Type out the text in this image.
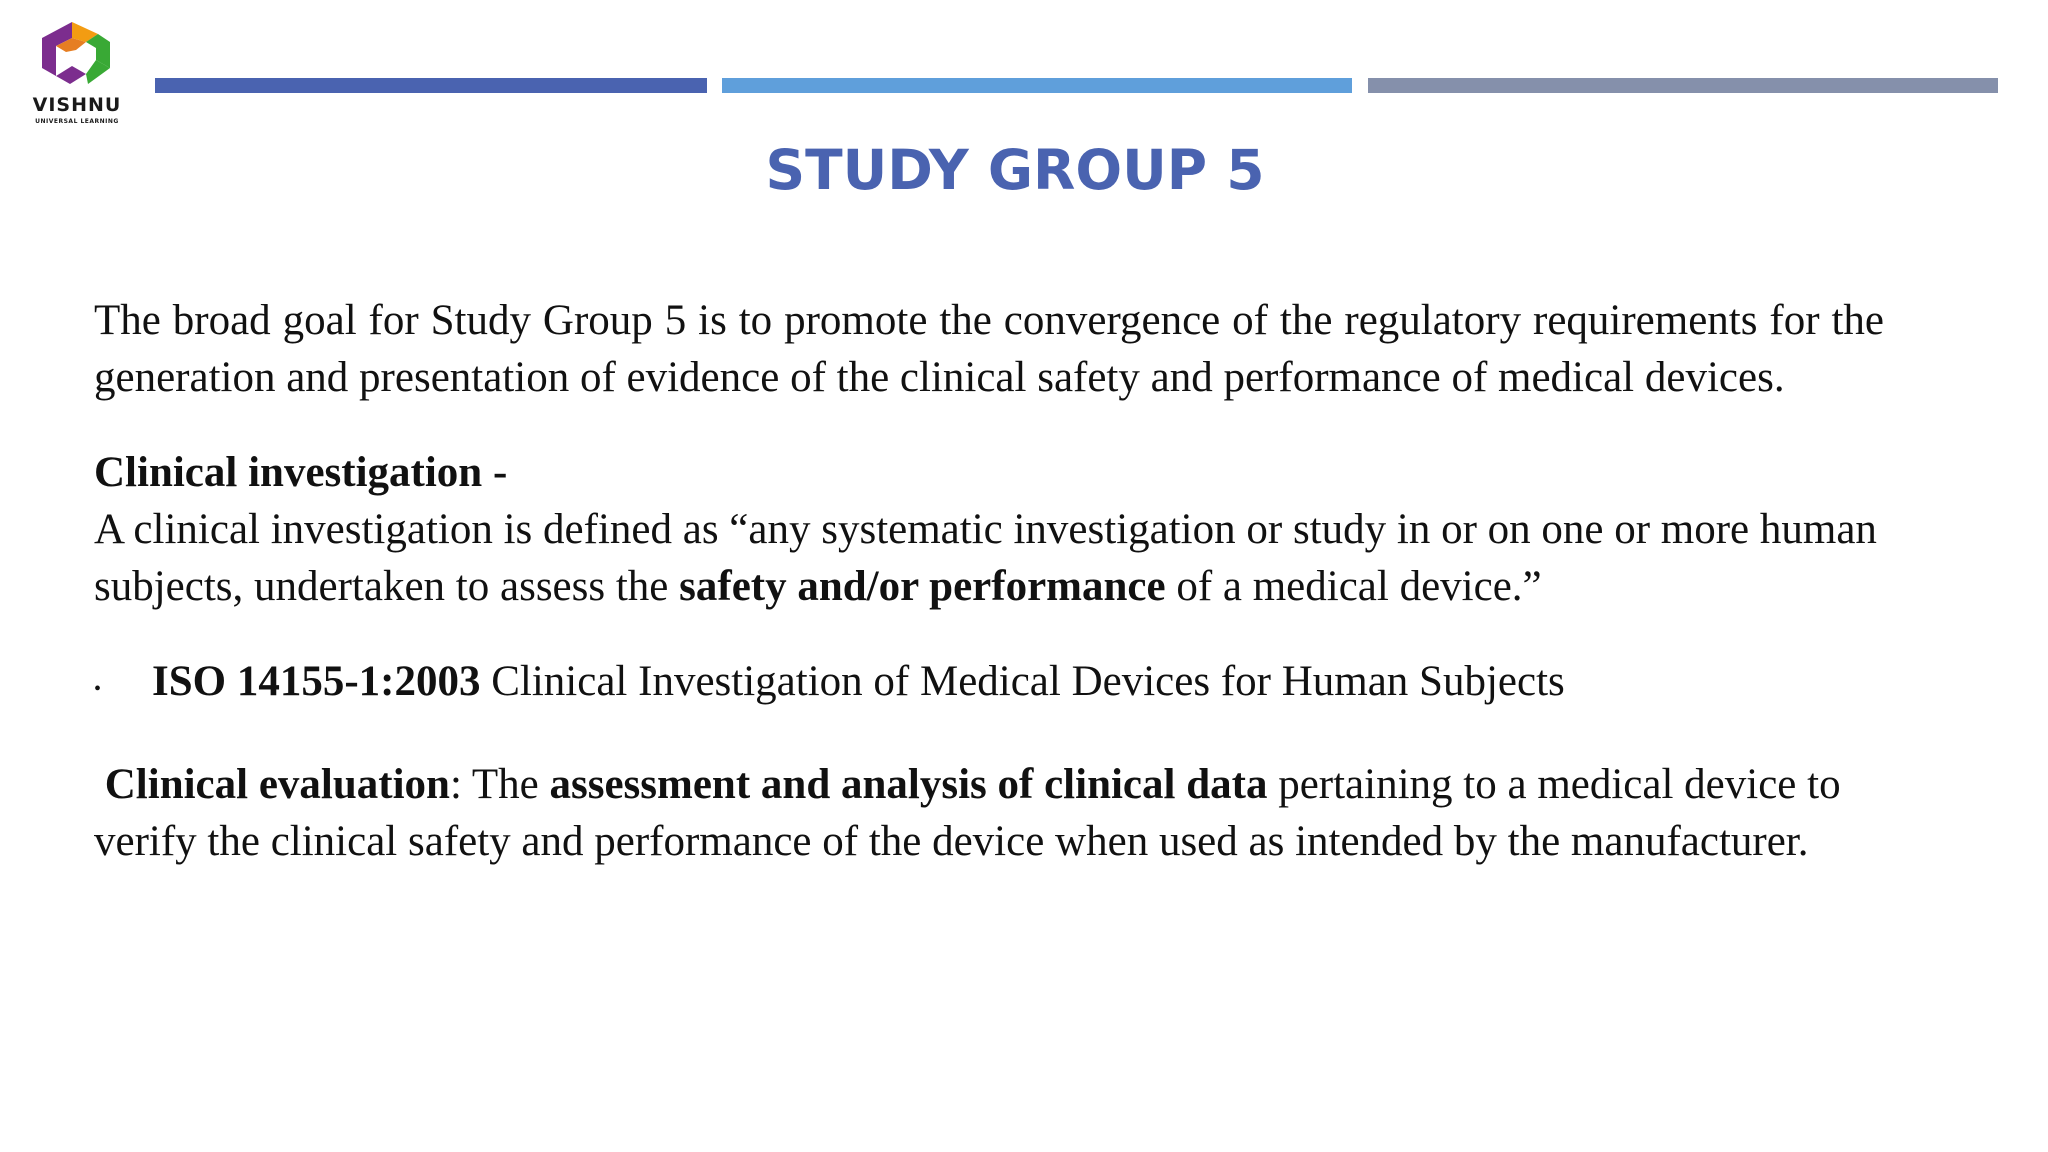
VISHNU
UNIVERSAL LEARNING
STUDY GROUP 5

The broad goal for Study Group 5 is to promote the convergence of the regulatory requirements for the generation and presentation of evidence of the clinical safety and performance of medical devices.

Clinical investigation -

A clinical investigation is defined as “any systematic investigation or study in or on one or more human subjects, undertaken to assess the safety and/or performance of a medical device.”

•	ISO 14155-1:2003 Clinical Investigation of Medical Devices for Human Subjects

Clinical evaluation: The assessment and analysis of clinical data pertaining to a medical device to verify the clinical safety and performance of the device when used as intended by the manufacturer.
